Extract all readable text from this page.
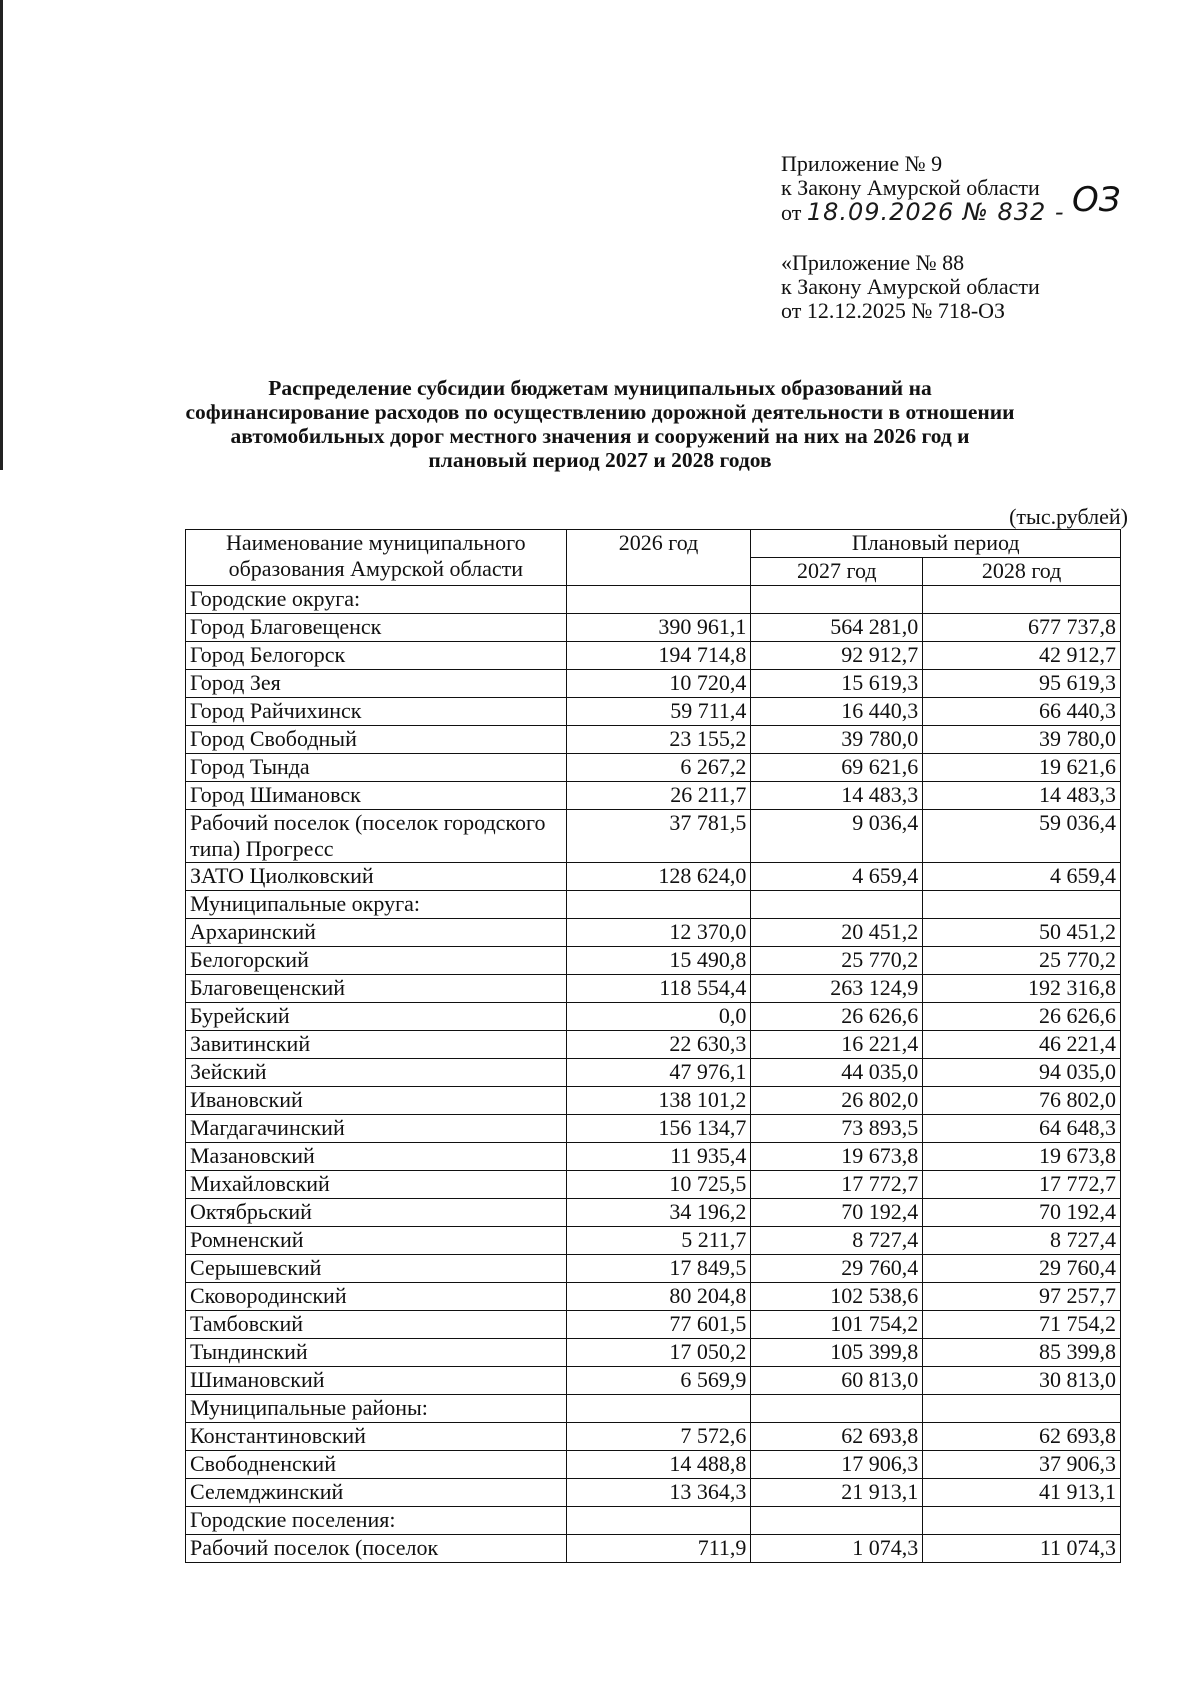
Приложение № 9
к Закону Амурской области
от 18.09.2026 № 832 - ОЗ
«Приложение № 88
к Закону Амурской области
от 12.12.2025 № 718-ОЗ
Распределение субсидии бюджетам муниципальных образований на
софинансирование расходов по осуществлению дорожной деятельности в отношении
автомобильных дорог местного значения и сооружений на них на 2026 год и
плановый период 2027 и 2028 годов
(тыс.рублей)
Наименование муниципального образования Амурской области	2026 год	Плановый период	
		2027 год	2028 год
Городские округа:			
Город Благовещенск	390 961,1	564 281,0	677 737,8
Город Белогорск	194 714,8	92 912,7	42 912,7
Город Зея	10 720,4	15 619,3	95 619,3
Город Райчихинск	59 711,4	16 440,3	66 440,3
Город Свободный	23 155,2	39 780,0	39 780,0
Город Тында	6 267,2	69 621,6	19 621,6
Город Шимановск	26 211,7	14 483,3	14 483,3
Рабочий поселок (поселок городского типа) Прогресс	37 781,5	9 036,4	59 036,4
ЗАТО Циолковский	128 624,0	4 659,4	4 659,4
Муниципальные округа:			
Архаринский	12 370,0	20 451,2	50 451,2
Белогорский	15 490,8	25 770,2	25 770,2
Благовещенский	118 554,4	263 124,9	192 316,8
Бурейский	0,0	26 626,6	26 626,6
Завитинский	22 630,3	16 221,4	46 221,4
Зейский	47 976,1	44 035,0	94 035,0
Ивановский	138 101,2	26 802,0	76 802,0
Магдагачинский	156 134,7	73 893,5	64 648,3
Мазановский	11 935,4	19 673,8	19 673,8
Михайловский	10 725,5	17 772,7	17 772,7
Октябрьский	34 196,2	70 192,4	70 192,4
Ромненский	5 211,7	8 727,4	8 727,4
Серышевский	17 849,5	29 760,4	29 760,4
Сковородинский	80 204,8	102 538,6	97 257,7
Тамбовский	77 601,5	101 754,2	71 754,2
Тындинский	17 050,2	105 399,8	85 399,8
Шимановский	6 569,9	60 813,0	30 813,0
Муниципальные районы:			
Константиновский	7 572,6	62 693,8	62 693,8
Свободненский	14 488,8	17 906,3	37 906,3
Селемджинский	13 364,3	21 913,1	41 913,1
Городские поселения:			
Рабочий поселок (поселок	711,9	1 074,3	11 074,3
